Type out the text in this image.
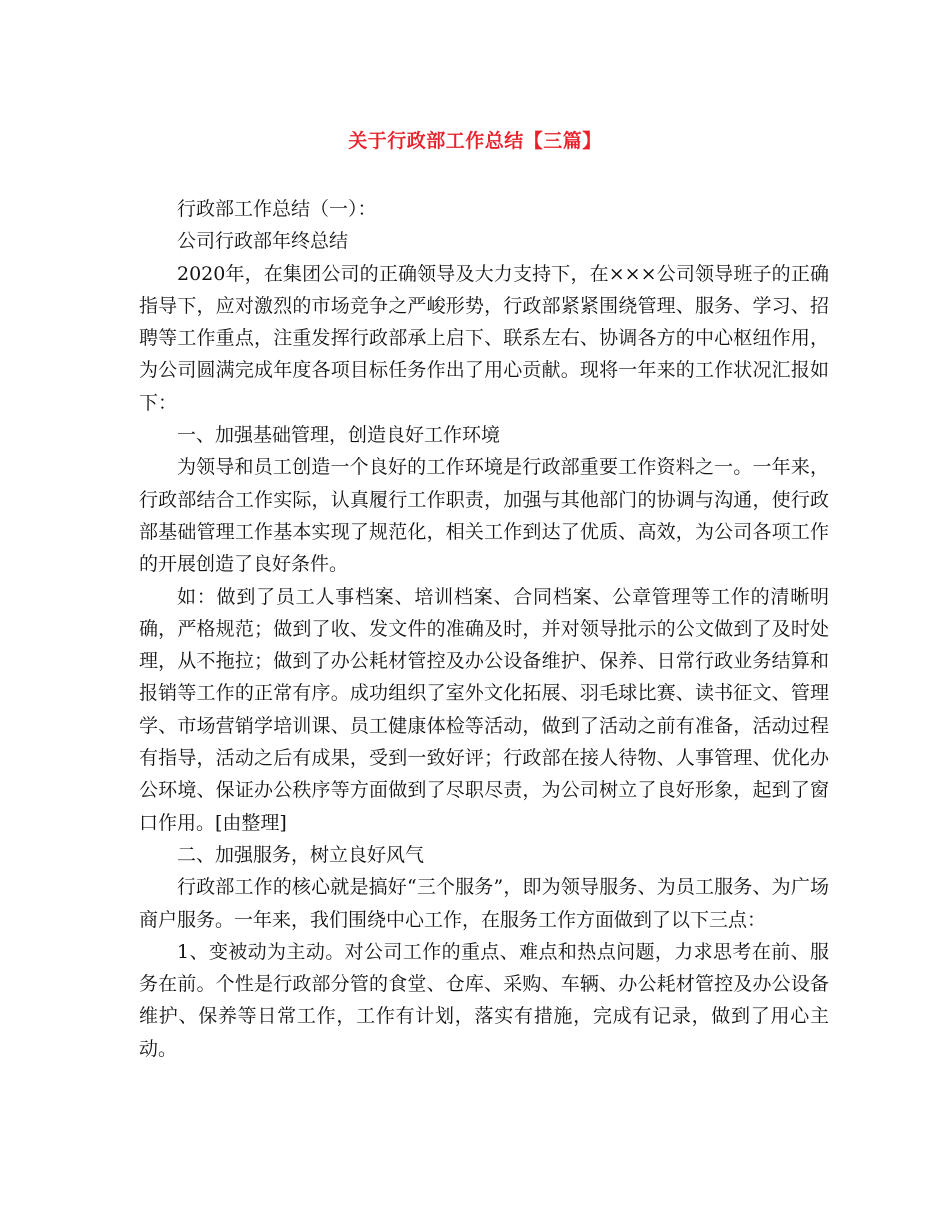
关于行政部工作总结【三篇】

行政部工作总结（一）：

公司行政部年终总结

2020年，在集团公司的正确领导及大力支持下，在×××公司领导班子的正确指导下，应对激烈的市场竞争之严峻形势，行政部紧紧围绕管理、服务、学习、招聘等工作重点，注重发挥行政部承上启下、联系左右、协调各方的中心枢纽作用，为公司圆满完成年度各项目标任务作出了用心贡献。现将一年来的工作状况汇报如下：

一、加强基础管理，创造良好工作环境

为领导和员工创造一个良好的工作环境是行政部重要工作资料之一。一年来，行政部结合工作实际，认真履行工作职责，加强与其他部门的协调与沟通，使行政部基础管理工作基本实现了规范化，相关工作到达了优质、高效，为公司各项工作的开展创造了良好条件。

如：做到了员工人事档案、培训档案、合同档案、公章管理等工作的清晰明确，严格规范；做到了收、发文件的准确及时，并对领导批示的公文做到了及时处理，从不拖拉；做到了办公耗材管控及办公设备维护、保养、日常行政业务结算和报销等工作的正常有序。成功组织了室外文化拓展、羽毛球比赛、读书征文、管理学、市场营销学培训课、员工健康体检等活动，做到了活动之前有准备，活动过程有指导，活动之后有成果，受到一致好评；行政部在接人待物、人事管理、优化办公环境、保证办公秩序等方面做到了尽职尽责，为公司树立了良好形象，起到了窗口作用。[由整理]

二、加强服务，树立良好风气

行政部工作的核心就是搞好“三个服务”，即为领导服务、为员工服务、为广场商户服务。一年来，我们围绕中心工作，在服务工作方面做到了以下三点：

1、变被动为主动。对公司工作的重点、难点和热点问题，力求思考在前、服务在前。个性是行政部分管的食堂、仓库、采购、车辆、办公耗材管控及办公设备维护、保养等日常工作，工作有计划，落实有措施，完成有记录，做到了用心主动。
